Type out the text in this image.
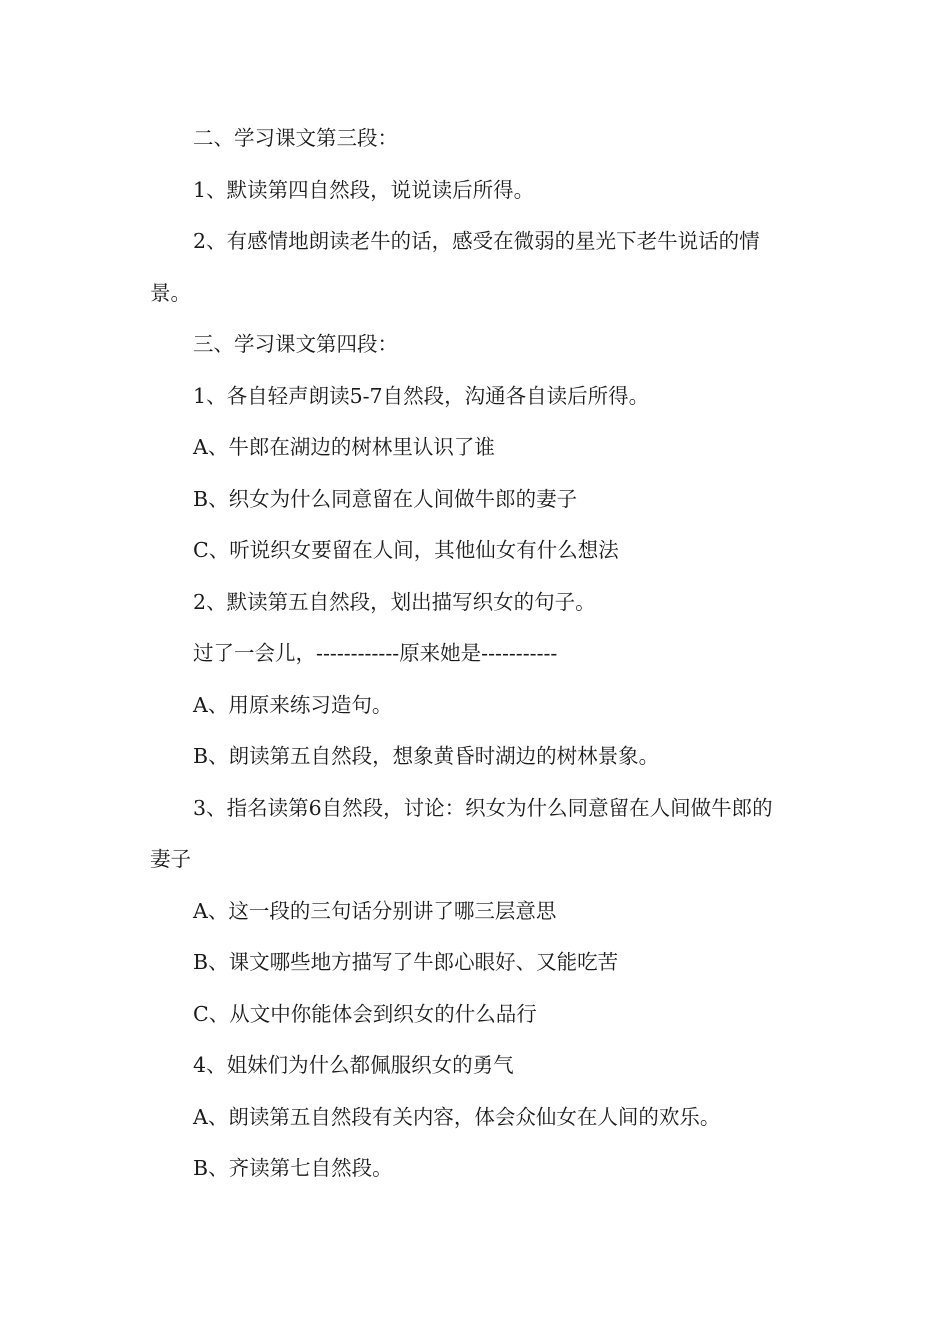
二、学习课文第三段：

1、默读第四自然段，说说读后所得。

2、有感情地朗读老牛的话，感受在微弱的星光下老牛说话的情景。

三、学习课文第四段：

1、各自轻声朗读5-7自然段，沟通各自读后所得。

A、牛郎在湖边的树林里认识了谁

B、织女为什么同意留在人间做牛郎的妻子

C、听说织女要留在人间，其他仙女有什么想法

2、默读第五自然段，划出描写织女的句子。

过了一会儿，------------原来她是-----------

A、用原来练习造句。

B、朗读第五自然段，想象黄昏时湖边的树林景象。

3、指名读第6自然段，讨论：织女为什么同意留在人间做牛郎的妻子

A、这一段的三句话分别讲了哪三层意思

B、课文哪些地方描写了牛郎心眼好、又能吃苦

C、从文中你能体会到织女的什么品行

4、姐妹们为什么都佩服织女的勇气

A、朗读第五自然段有关内容，体会众仙女在人间的欢乐。

B、齐读第七自然段。
